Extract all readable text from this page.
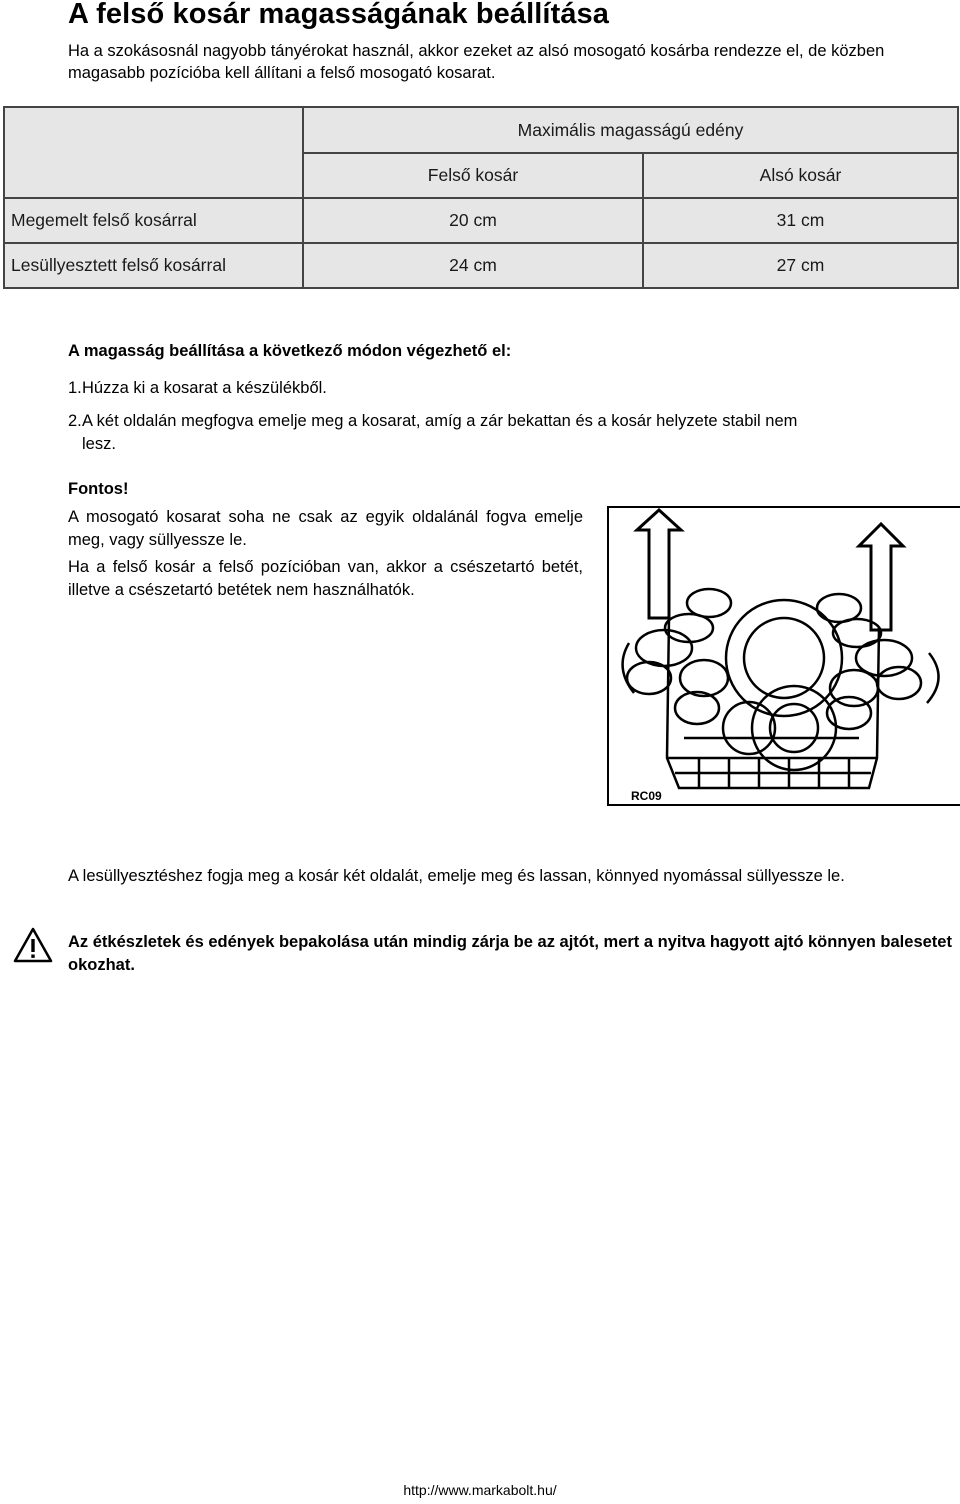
A felső kosár magasságának beállítása
Ha a szokásosnál nagyobb tányérokat használ, akkor ezeket az alsó mosogató kosárba rendezze el, de közben magasabb pozícióba kell állítani a felső mosogató kosarat.
	Maximális magasságú edény	
	Felső kosár	Alsó kosár
Megemelt felső kosárral	20 cm	31 cm
Lesüllyesztett felső kosárral	24 cm	27 cm
A magasság beállítása a következő módon végezhető el:
1. Húzza ki a kosarat a készülékből.
2. A két oldalán megfogva emelje meg a kosarat, amíg a zár bekattan és a kosár helyzete stabil nem
lesz.
Fontos!
A mosogató kosarat soha ne csak az egyik oldalánál fogva emelje meg, vagy süllyessze le.
Ha a felső kosár a felső pozícióban van, akkor a csészetartó betét, illetve a csészetartó betétek nem használhatók.
RC09
A lesüllyesztéshez fogja meg a kosár két oldalát, emelje meg és lassan, könnyed nyomással süllyessze le.
Az étkészletek és edények bepakolása után mindig zárja be az ajtót, mert a nyitva hagyott ajtó könnyen balesetet okozhat.
http://www.markabolt.hu/
